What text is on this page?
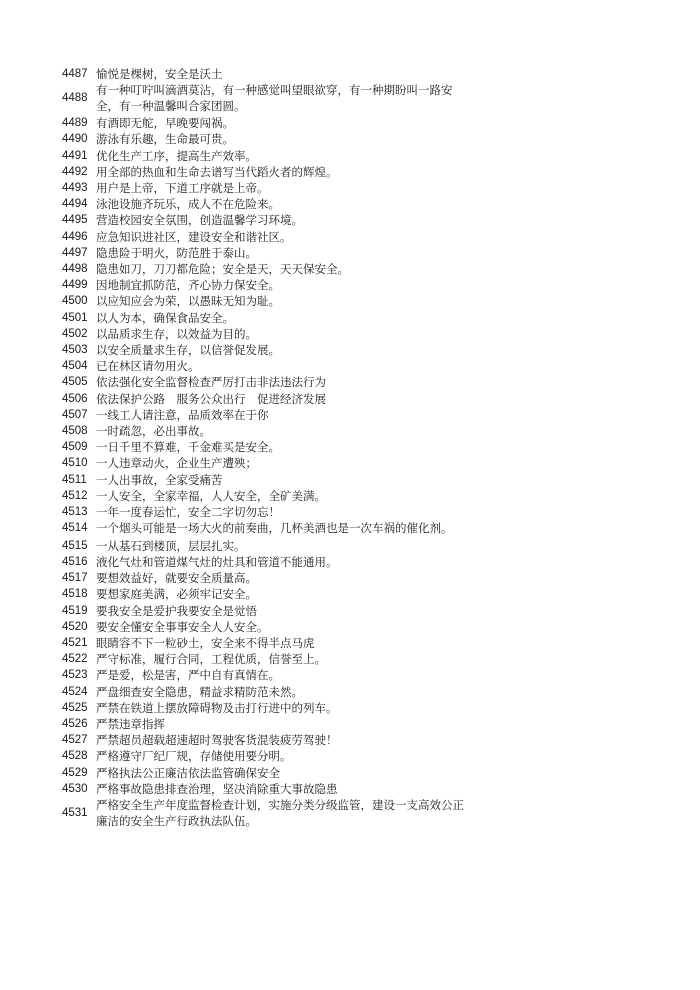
4487 愉悦是棵树，安全是沃土
4488
有一种叮咛叫滴酒莫沾，有一种感觉叫望眼欲穿，有一种期盼叫一路安全，有一种温馨叫合家团圆。
4489 有酒即无舵，早晚要闯祸。
4490 游泳有乐趣，生命最可贵。
4491 优化生产工序，提高生产效率。
4492 用全部的热血和生命去谱写当代蹈火者的辉煌。
4493 用户是上帝，下道工序就是上帝。
4494 泳池设施齐玩乐，成人不在危险来。
4495 营造校园安全氛围，创造温馨学习环境。
4496 应急知识进社区，建设安全和谐社区。
4497 隐患险于明火，防范胜于泰山。
4498 隐患如刀，刀刀都危险；安全是天，天天保安全。
4499 因地制宜抓防范，齐心协力保安全。
4500 以应知应会为荣，以愚昧无知为耻。
4501 以人为本，确保食品安全。
4502 以品质求生存，以效益为目的。
4503 以安全质量求生存，以信誉促发展。
4504 已在林区请勿用火。
4505 依法强化安全监督检查严厉打击非法违法行为
4506 依法保护公路　服务公众出行　促进经济发展
4507 一线工人请注意，品质效率在于你
4508 一时疏忽，必出事故。
4509 一日千里不算难，千金难买是安全。
4510 一人违章动火，企业生产遭殃；
4511 一人出事故，全家受痛苦
4512 一人安全，全家幸福，人人安全，全矿美满。
4513 一年一度春运忙，安全二字切勿忘！
4514 一个烟头可能是一场大火的前奏曲，几杯美酒也是一次车祸的催化剂。
4515 一从基石到楼顶，层层扎实。
4516 液化气灶和管道煤气灶的灶具和管道不能通用。
4517 要想效益好，就要安全质量高。
4518 要想家庭美满，必须牢记安全。
4519 要我安全是爱护我要安全是觉悟
4520 要安全懂安全事事安全人人安全。
4521 眼睛容不下一粒砂土，安全来不得半点马虎
4522 严守标准，履行合同，工程优质，信誉至上。
4523 严是爱，松是害，严中自有真情在。
4524 严盘细查安全隐患，精益求精防范未然。
4525 严禁在铁道上摆放障碍物及击打行进中的列车。
4526 严禁违章指挥
4527 严禁超员超载超速超时驾驶客货混装疲劳驾驶！
4528 严格遵守厂纪厂规，存储使用要分明。
4529 严格执法公正廉洁依法监管确保安全
4530 严格事故隐患排查治理，坚决消除重大事故隐患
4531
严格安全生产年度监督检查计划，实施分类分级监管，建设一支高效公正廉洁的安全生产行政执法队伍。
